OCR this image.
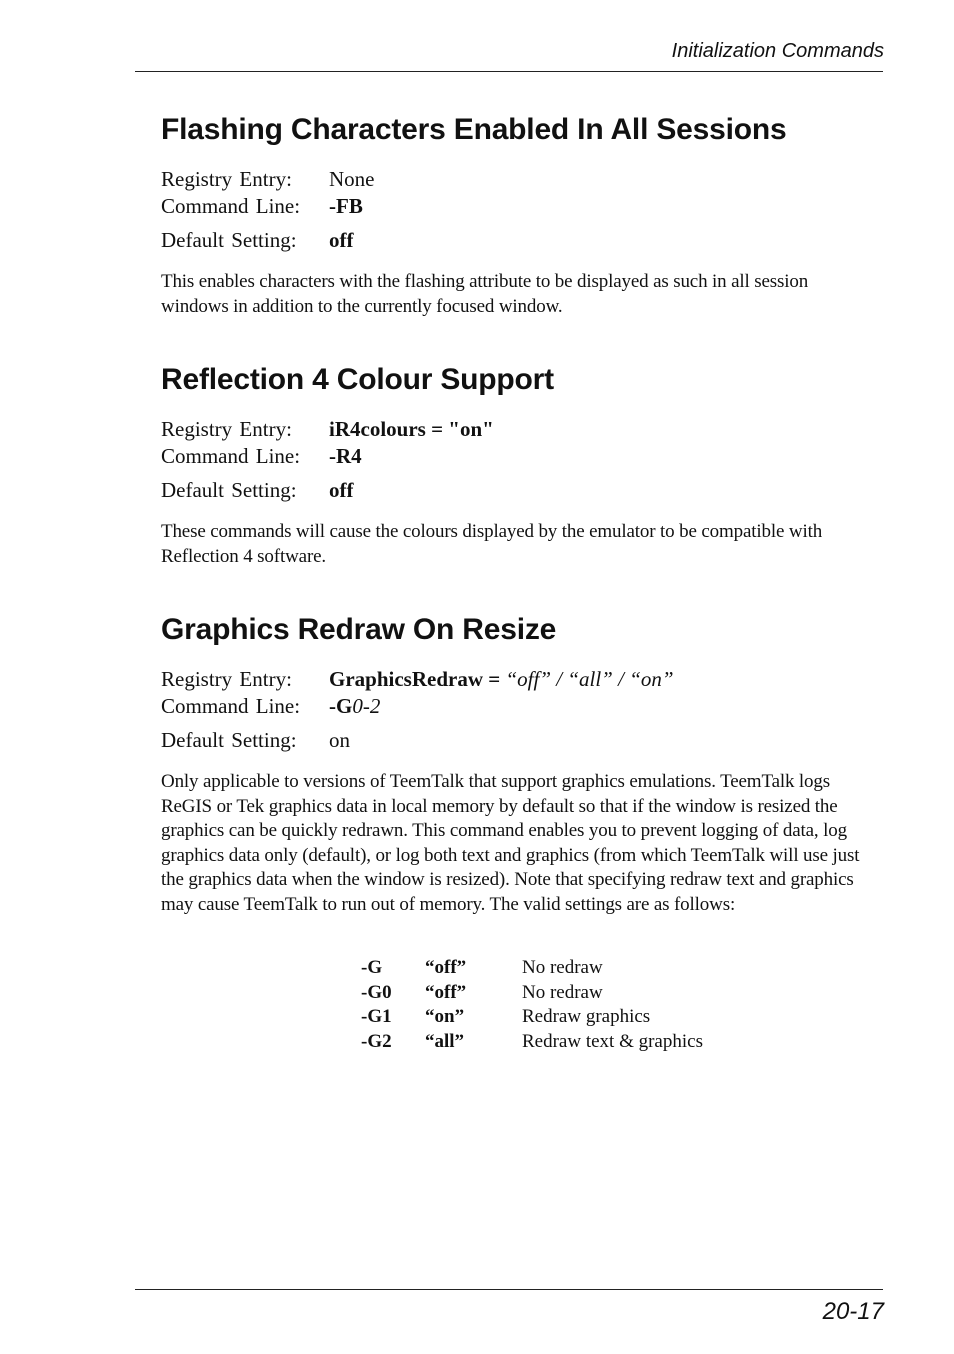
Initialization Commands
Flashing Characters Enabled In All Sessions
Registry Entry:	None
Command Line:	-FB
Default Setting:	off

This enables characters with the flashing attribute to be displayed as such in all session windows in addition to the currently focused window.

Reflection 4 Colour Support
Registry Entry:	iR4colours = "on"
Command Line:	-R4
Default Setting:	off

These commands will cause the colours displayed by the emulator to be compatible with Reflection 4 software.

Graphics Redraw On Resize
Registry Entry:	GraphicsRedraw = “off” / “all” / “on”
Command Line:	-G0-2
Default Setting:	on

Only applicable to versions of TeemTalk that support graphics emulations. TeemTalk logs ReGIS or Tek graphics data in local memory by default so that if the window is resized the graphics can be quickly redrawn. This command enables you to prevent logging of data, log graphics data only (default), or log both text and graphics (from which TeemTalk will use just the graphics data when the window is resized). Note that specifying redraw text and graphics may cause TeemTalk to run out of memory. The valid settings are as follows:

-G	“off”	No redraw
-G0	“off”	No redraw
-G1	“on”	Redraw graphics
-G2	“all”	Redraw text & graphics
20-17
